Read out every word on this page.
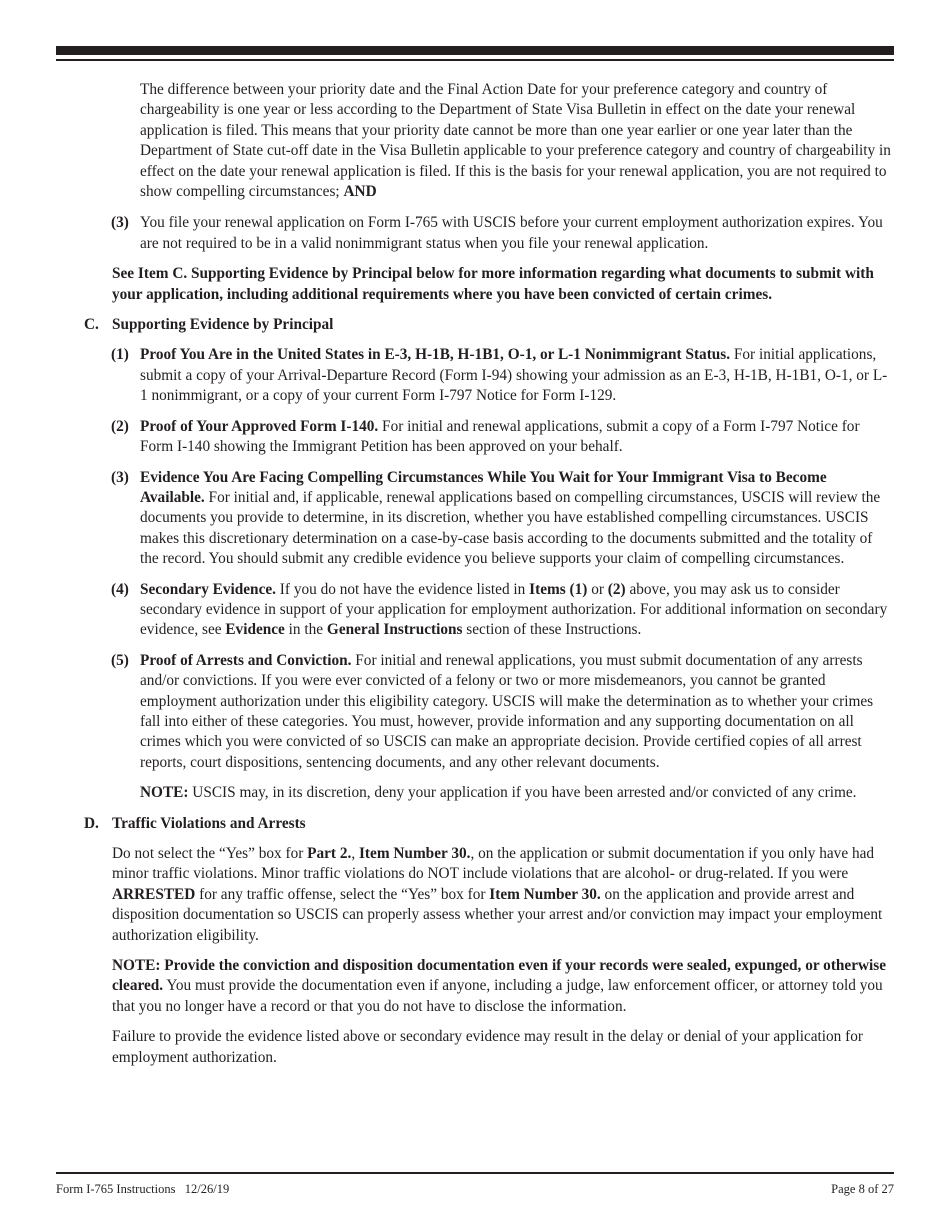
The difference between your priority date and the Final Action Date for your preference category and country of chargeability is one year or less according to the Department of State Visa Bulletin in effect on the date your renewal application is filed. This means that your priority date cannot be more than one year earlier or one year later than the Department of State cut-off date in the Visa Bulletin applicable to your preference category and country of chargeability in effect on the date your renewal application is filed. If this is the basis for your renewal application, you are not required to show compelling circumstances; AND

(3) You file your renewal application on Form I-765 with USCIS before your current employment authorization expires. You are not required to be in a valid nonimmigrant status when you file your renewal application.

See Item C. Supporting Evidence by Principal below for more information regarding what documents to submit with your application, including additional requirements where you have been convicted of certain crimes.

C. Supporting Evidence by Principal
(1) Proof You Are in the United States in E-3, H-1B, H-1B1, O-1, or L-1 Nonimmigrant Status. For initial applications, submit a copy of your Arrival-Departure Record (Form I-94) showing your admission as an E-3, H-1B, H-1B1, O-1, or L-1 nonimmigrant, or a copy of your current Form I-797 Notice for Form I-129.
(2) Proof of Your Approved Form I-140. For initial and renewal applications, submit a copy of a Form I-797 Notice for Form I-140 showing the Immigrant Petition has been approved on your behalf.
(3) Evidence You Are Facing Compelling Circumstances While You Wait for Your Immigrant Visa to Become Available. For initial and, if applicable, renewal applications based on compelling circumstances, USCIS will review the documents you provide to determine, in its discretion, whether you have established compelling circumstances. USCIS makes this discretionary determination on a case-by-case basis according to the documents submitted and the totality of the record. You should submit any credible evidence you believe supports your claim of compelling circumstances.
(4) Secondary Evidence. If you do not have the evidence listed in Items (1) or (2) above, you may ask us to consider secondary evidence in support of your application for employment authorization. For additional information on secondary evidence, see Evidence in the General Instructions section of these Instructions.
(5) Proof of Arrests and Conviction. For initial and renewal applications, you must submit documentation of any arrests and/or convictions. If you were ever convicted of a felony or two or more misdemeanors, you cannot be granted employment authorization under this eligibility category. USCIS will make the determination as to whether your crimes fall into either of these categories. You must, however, provide information and any supporting documentation on all crimes which you were convicted of so USCIS can make an appropriate decision. Provide certified copies of all arrest reports, court dispositions, sentencing documents, and any other relevant documents.

NOTE: USCIS may, in its discretion, deny your application if you have been arrested and/or convicted of any crime.

D. Traffic Violations and Arrests

Do not select the “Yes” box for Part 2., Item Number 30., on the application or submit documentation if you only have had minor traffic violations. Minor traffic violations do NOT include violations that are alcohol- or drug-related. If you were ARRESTED for any traffic offense, select the “Yes” box for Item Number 30. on the application and provide arrest and disposition documentation so USCIS can properly assess whether your arrest and/or conviction may impact your employment authorization eligibility.

NOTE: Provide the conviction and disposition documentation even if your records were sealed, expunged, or otherwise cleared. You must provide the documentation even if anyone, including a judge, law enforcement officer, or attorney told you that you no longer have a record or that you do not have to disclose the information.

Failure to provide the evidence listed above or secondary evidence may result in the delay or denial of your application for employment authorization.

Form I-765 Instructions   12/26/19	Page 8 of 27
